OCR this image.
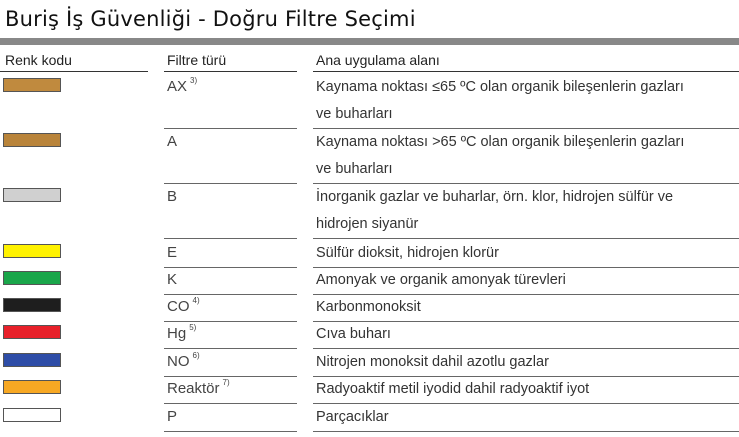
Buriş İş Güvenliği - Doğru Filtre Seçimi
Renk kodu	Filtre türü	Ana uygulama alanı
AX $^{3)}$	Kaynama noktası ≤65 ºC olan organik bileşenlerin gazları
ve buharları
A	Kaynama noktası >65 ºC olan organik bileşenlerin gazları
ve buharları
B	İnorganik gazlar ve buharlar, örn. klor, hidrojen sülfür ve
hidrojen siyanür
E	Sülfür dioksit, hidrojen klorür
K	Amonyak ve organik amonyak türevleri
CO $^{4)}$	Karbonmonoksit
Hg $^{5)}$	Cıva buharı
NO $^{6)}$	Nitrojen monoksit dahil azotlu gazlar
Reaktör $^{7)}$	Radyoaktif metil iyodid dahil radyoaktif iyot
P	Parçacıklar
